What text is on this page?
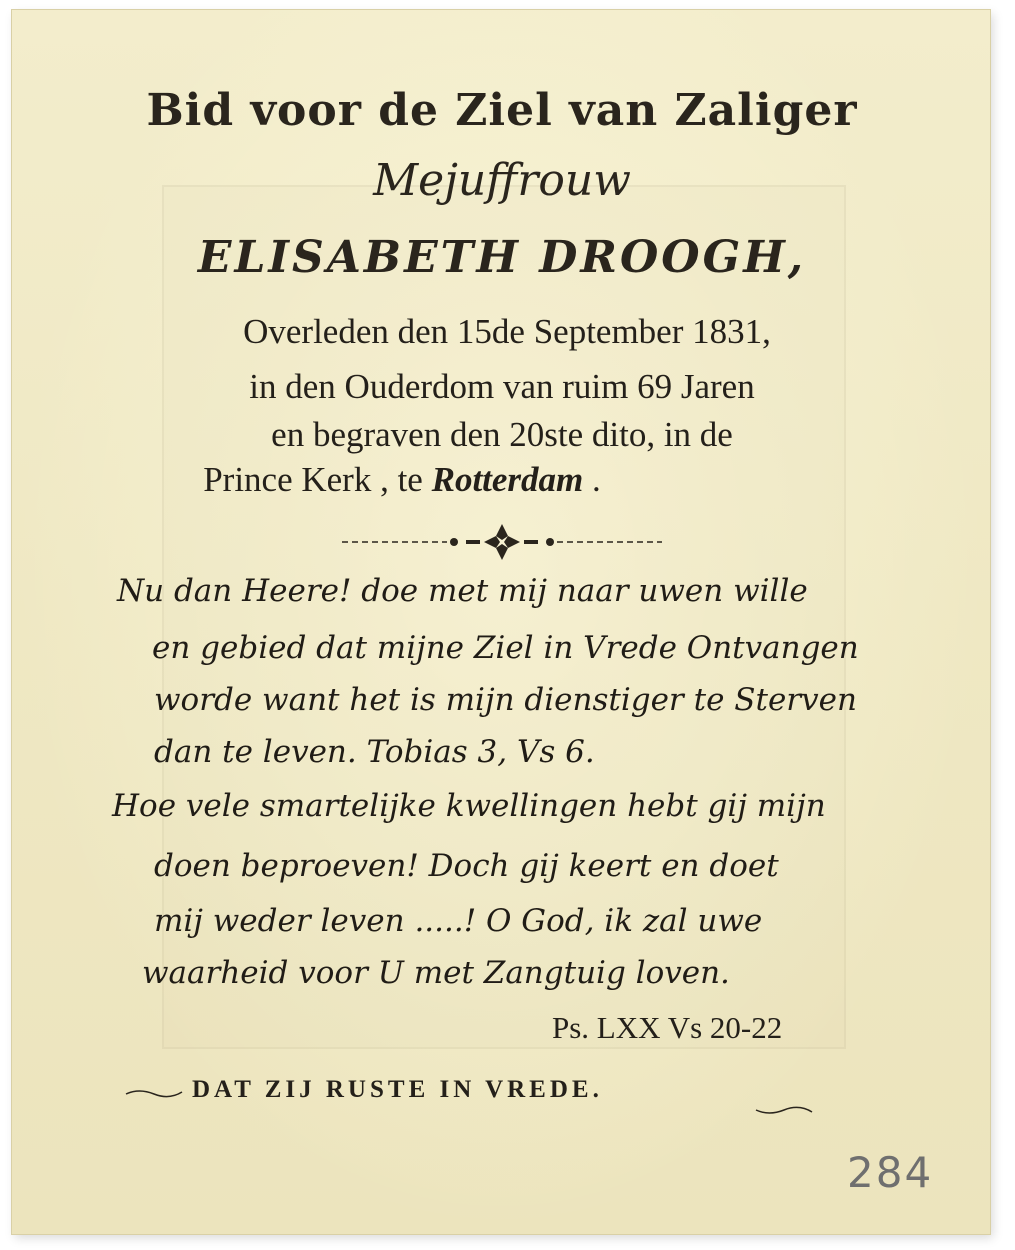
Bid voor de Ziel van Zaliger
Mejuffrouw
ELISABETH DROOGH,
Overleden den 15de September 1831,
in den Ouderdom van ruim 69 Jaren
en begraven den 20ste dito, in de
Prince Kerk , te Rotterdam .
Nu dan Heere! doe met mij naar uwen wille
en gebied dat mijne Ziel in Vrede Ontvangen
worde want het is mijn dienstiger te Sterven
dan te leven. Tobias 3, Vs 6.
Hoe vele smartelijke kwellingen hebt gij mijn
doen beproeven! Doch gij keert en doet
mij weder leven .....! O God, ik zal uwe
waarheid voor U met Zangtuig loven.
Ps. LXX Vs 20-22
DAT ZIJ RUSTE IN VREDE.
284
